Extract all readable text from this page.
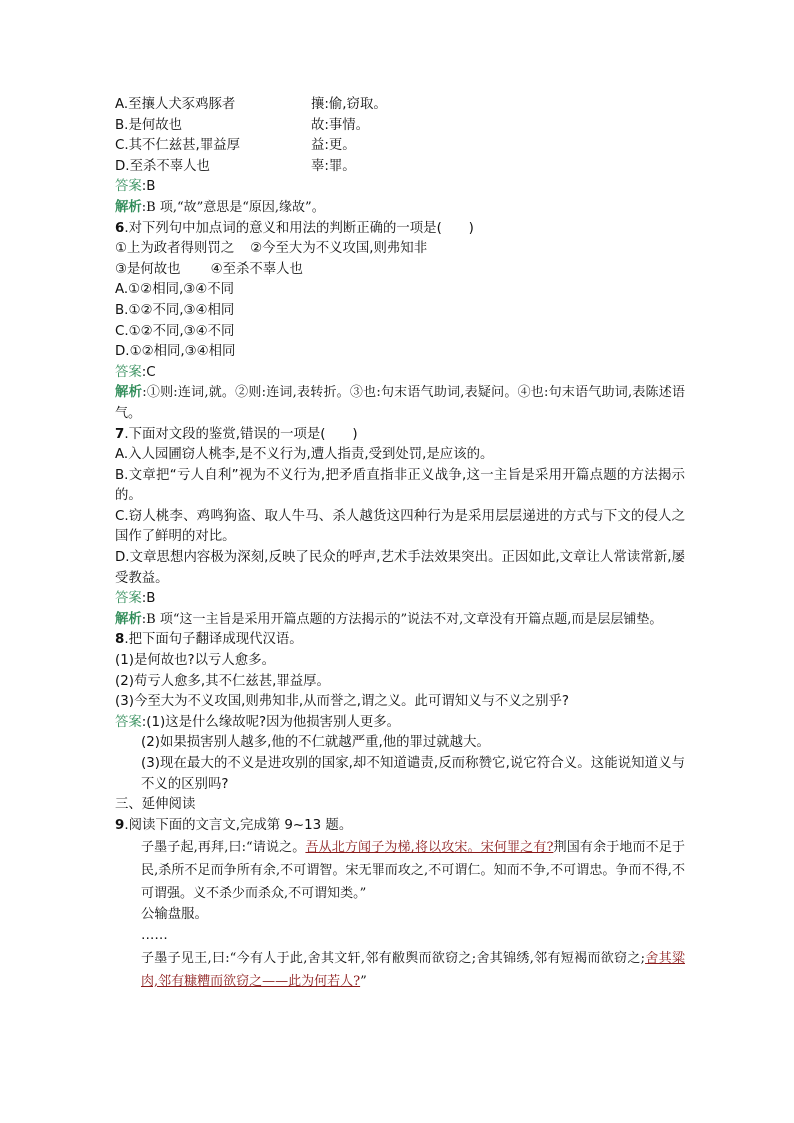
A.至攘人犬豕鸡豚者	攘:偷,窃取。
B.是何故也	故:事情。
C.其不仁兹甚,罪益厚	益:更。
D.至杀不辜人也	辜:罪。
答案:B
解析:B 项,“故”意思是“原因,缘故”。
6.对下列句中加点词的意义和用法的判断正确的一项是(　　)
①上为政者得则罚之 ②今至大为不义攻国,则弗知非
③是何故也 ④至杀不辜人也
A.①②相同,③④不同
B.①②不同,③④相同
C.①②不同,③④不同
D.①②相同,③④相同
答案:C
解析:①则:连词,就。②则:连词,表转折。③也:句末语气助词,表疑问。④也:句末语气助词,表陈述语气。
7.下面对文段的鉴赏,错误的一项是(　　)
A.入人园圃窃人桃李,是不义行为,遭人指责,受到处罚,是应该的。
B.文章把“亏人自利”视为不义行为,把矛盾直指非正义战争,这一主旨是采用开篇点题的方法揭示的。
C.窃人桃李、鸡鸣狗盗、取人牛马、杀人越货这四种行为是采用层层递进的方式与下文的侵人之国作了鲜明的对比。
D.文章思想内容极为深刻,反映了民众的呼声,艺术手法效果突出。正因如此,文章让人常读常新,屡受教益。
答案:B
解析:B 项“这一主旨是采用开篇点题的方法揭示的”说法不对,文章没有开篇点题,而是层层铺垫。
8.把下面句子翻译成现代汉语。
(1)是何故也?以亏人愈多。
(2)苟亏人愈多,其不仁兹甚,罪益厚。
(3)今至大为不义攻国,则弗知非,从而誉之,谓之义。此可谓知义与不义之别乎?
答案:(1)这是什么缘故呢?因为他损害别人更多。
(2)如果损害别人越多,他的不仁就越严重,他的罪过就越大。
(3)现在最大的不义是进攻别的国家,却不知道谴责,反而称赞它,说它符合义。这能说知道义与不义的区别吗?
三、延伸阅读
9.阅读下面的文言文,完成第 9~13 题。
子墨子起,再拜,曰:“请说之。吾从北方闻子为梯,将以攻宋。宋何罪之有?荆国有余于地而不足于民,杀所不足而争所有余,不可谓智。宋无罪而攻之,不可谓仁。知而不争,不可谓忠。争而不得,不可谓强。义不杀少而杀众,不可谓知类。”
公输盘服。
……
子墨子见王,曰:“今有人于此,舍其文轩,邻有敝舆而欲窃之;舍其锦绣,邻有短褐而欲窃之;舍其粱肉,邻有糠糟而欲窃之——此为何若人?”
